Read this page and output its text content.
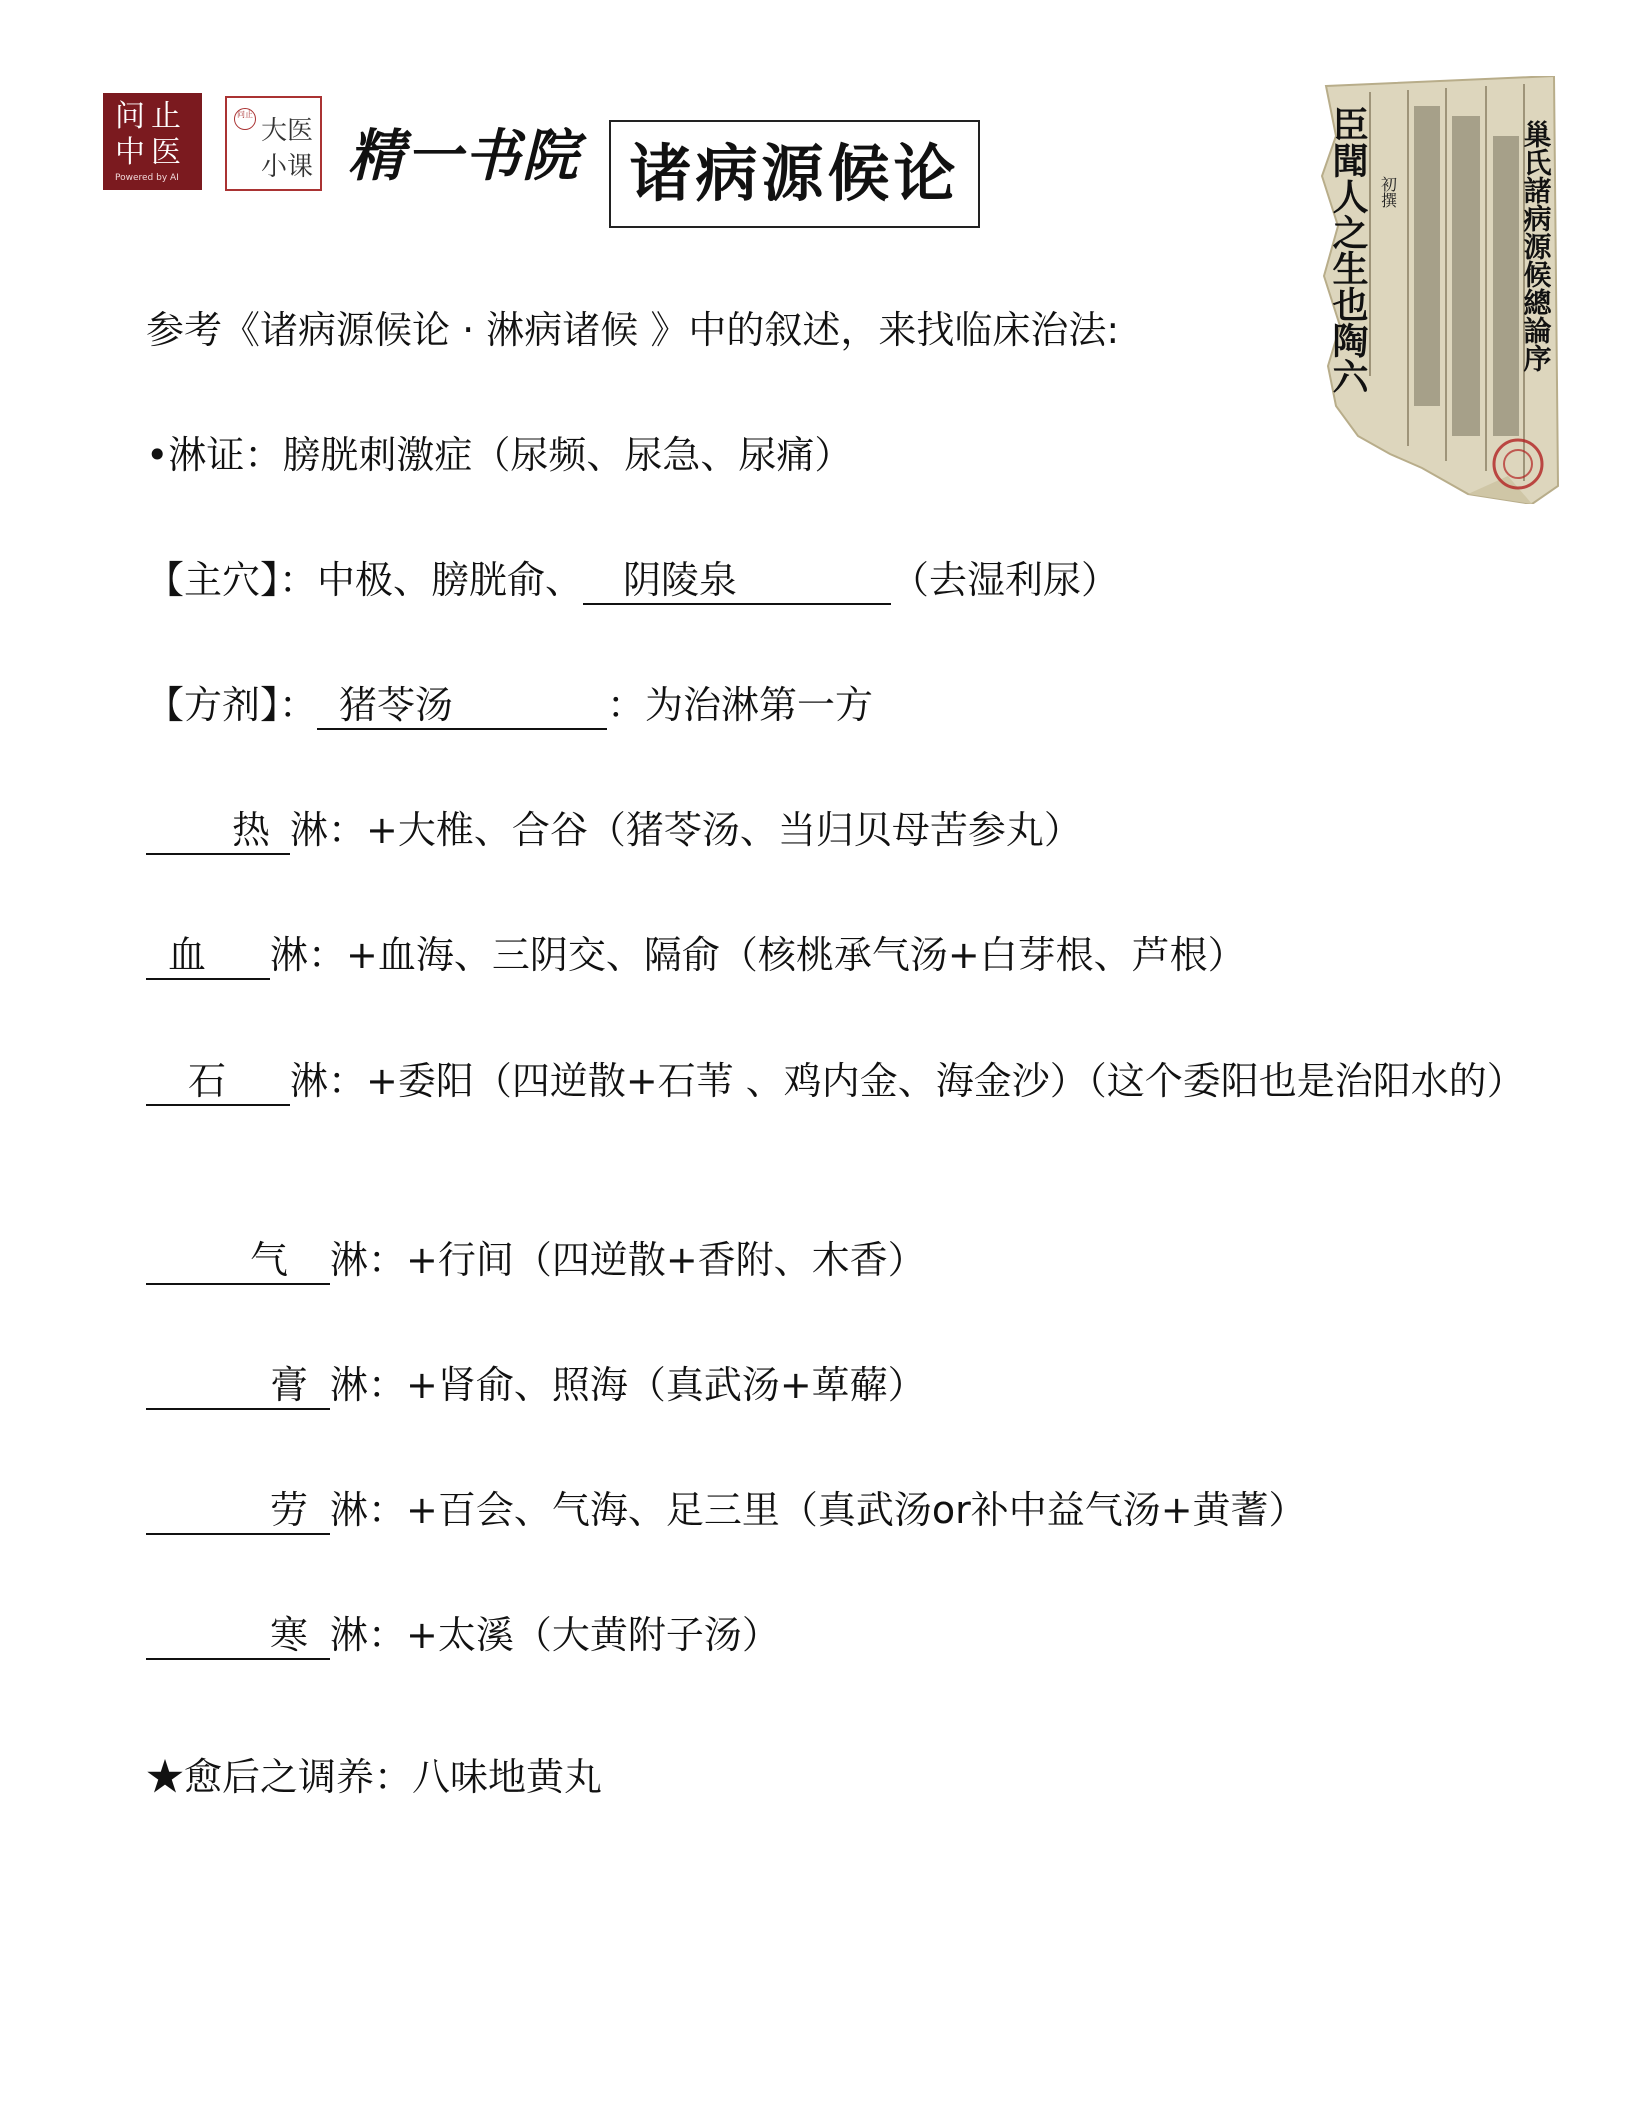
问止
中医
Powered by AI
问止
大医
小课 精一书院 诸病源候论	巢氏諸病源候總論序
臣聞人之生也陶六 初撰
参考《诸病源候论 · 淋病诸候 》中的叙述，来找临床治法:
•淋证：膀胱刺激症（尿频、尿急、尿痛）
【主穴】：中极、膀胱俞、 阴陵泉	（去湿利尿）
【方剂】： 猪苓汤	：为治淋第一方
热 淋：+大椎、合谷（猪苓汤、当归贝母苦参丸）
血 淋：+血海、三阴交、隔俞（核桃承气汤+白芽根、芦根）
石 淋：+委阳（四逆散+石苇 、鸡内金、海金沙）（这个委阳也是治阳水的）
气 淋：+行间（四逆散+香附、木香）
膏 淋：+肾俞、照海（真武汤+萆薢）
劳 淋：+百会、气海、足三里（真武汤or补中益气汤+黄蓍）
寒 淋：+太溪（大黄附子汤）
★愈后之调养：八味地黄丸
